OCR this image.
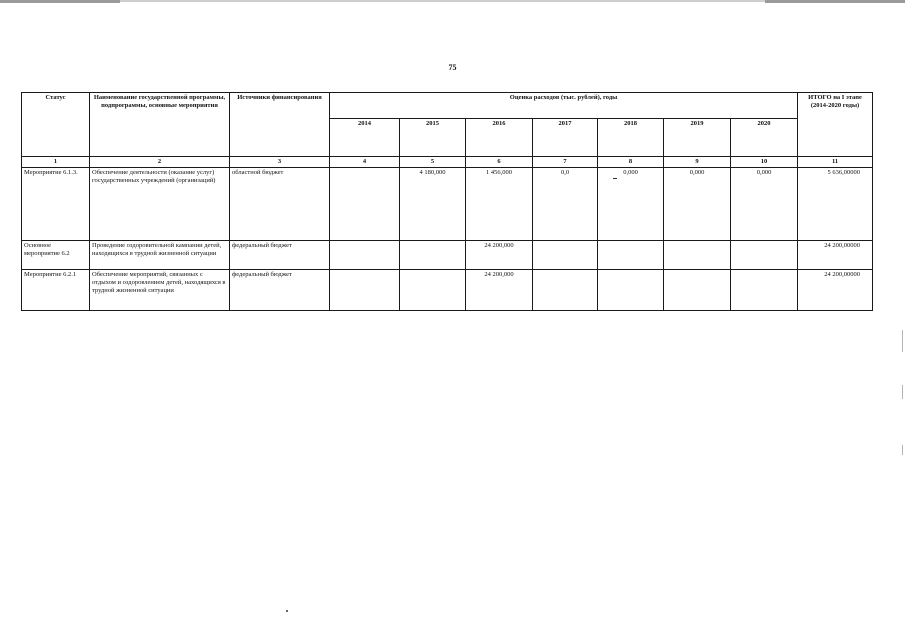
75
Статус	Наименование государственной программы, подпрограммы, основные мероприятия	Источники финансирования	Оценка расходов (тыс. рублей), годы							ИТОГО на I этапе (2014-2020 годы)
			2014	2015	2016	2017	2018	2019	2020	
1	2	3	4	5	6	7	8	9	10	11
Мероприятие 6.1.3.	Обеспечение деятельности (оказание услуг) государственных учреждений (организаций)	областной бюджет		4 180,000	1 456,000	0,0	0,000	0,000	0,000	5 636,00000
Основное мероприятие 6.2	Проведение оздоровительной кампании детей, находящихся в трудной жизненной ситуации	федеральный бюджет			24 200,000					24 200,00000
Мероприятие 6.2.1	Обеспечение мероприятий, связанных с отдыхом и оздоровлением детей, находящихся в трудной жизненной ситуации	федеральный бюджет			24 200,000					24 200,00000
